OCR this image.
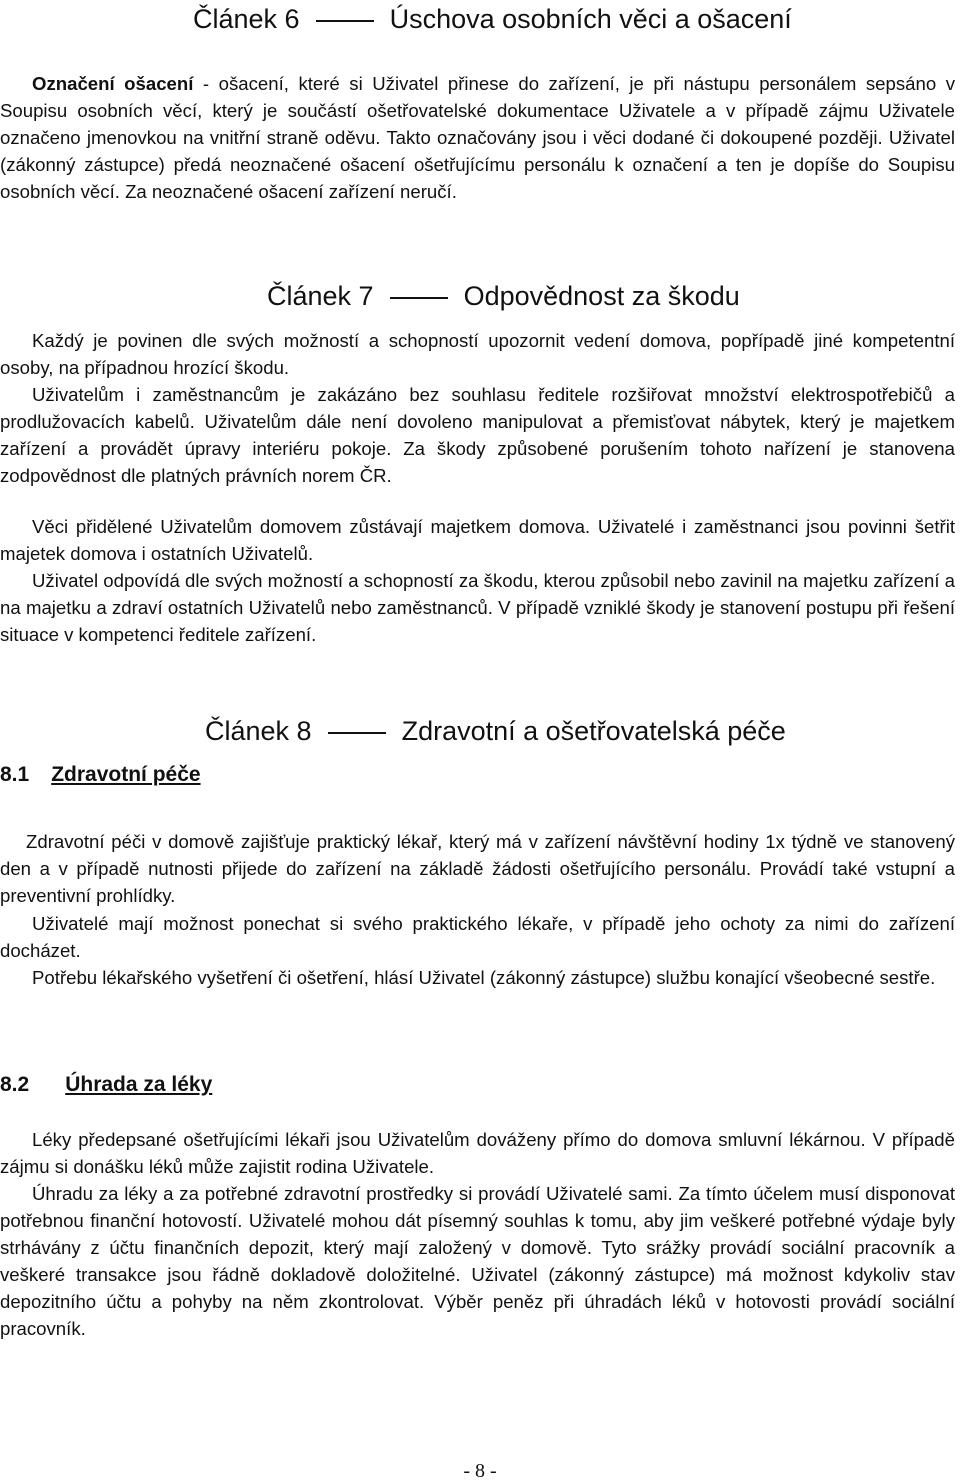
Článek 6	Úschova osobních věci a ošacení
Označení ošacení - ošacení, které si Uživatel přinese do zařízení, je při nástupu personálem sepsáno v Soupisu osobních věcí, který je součástí ošetřovatelské dokumentace Uživatele a v případě zájmu Uživatele označeno jmenovkou na vnitřní straně oděvu. Takto označovány jsou i věci dodané či dokoupené později. Uživatel (zákonný zástupce) předá neoznačené ošacení ošetřujícímu personálu k označení a ten je dopíše do Soupisu osobních věcí. Za neoznačené ošacení zařízení neručí.
Článek 7	Odpovědnost za škodu
Každý je povinen dle svých možností a schopností upozornit vedení domova, popřípadě jiné kompetentní osoby, na případnou hrozící škodu.
Uživatelům i zaměstnancům je zakázáno bez souhlasu ředitele rozšiřovat množství elektrospotřebičů a prodlužovacích kabelů. Uživatelům dále není dovoleno manipulovat a přemisťovat nábytek, který je majetkem zařízení a provádět úpravy interiéru pokoje. Za škody způsobené porušením tohoto nařízení je stanovena zodpovědnost dle platných právních norem ČR.
Věci přidělené Uživatelům domovem zůstávají majetkem domova. Uživatelé i zaměstnanci jsou povinni šetřit majetek domova i ostatních Uživatelů.
Uživatel odpovídá dle svých možností a schopností za škodu, kterou způsobil nebo zavinil na majetku zařízení a na majetku a zdraví ostatních Uživatelů nebo zaměstnanců. V případě vzniklé škody je stanovení postupu při řešení situace v kompetenci ředitele zařízení.
Článek 8	Zdravotní a ošetřovatelská péče
8.1 Zdravotní péče
Zdravotní péči v domově zajišťuje praktický lékař, který má v zařízení návštěvní hodiny 1x týdně ve stanovený den a v případě nutnosti přijede do zařízení na základě žádosti ošetřujícího personálu. Provádí také vstupní a preventivní prohlídky.
Uživatelé mají možnost ponechat si svého praktického lékaře, v případě jeho ochoty za nimi do zařízení docházet.
Potřebu lékařského vyšetření či ošetření, hlásí Uživatel (zákonný zástupce) službu konající všeobecné sestře.
8.2 Úhrada za léky
Léky předepsané ošetřujícími lékaři jsou Uživatelům dováženy přímo do domova smluvní lékárnou. V případě zájmu si donášku léků může zajistit rodina Uživatele.
Úhradu za léky a za potřebné zdravotní prostředky si provádí Uživatelé sami. Za tímto účelem musí disponovat potřebnou finanční hotovostí. Uživatelé mohou dát písemný souhlas k tomu, aby jim veškeré potřebné výdaje byly strhávány z účtu finančních depozit, který mají založený v domově. Tyto srážky provádí sociální pracovník a veškeré transakce jsou řádně dokladově doložitelné. Uživatel (zákonný zástupce) má možnost kdykoliv stav depozitního účtu a pohyby na něm zkontrolovat. Výběr peněz při úhradách léků v hotovosti provádí sociální pracovník.
- 8 -
